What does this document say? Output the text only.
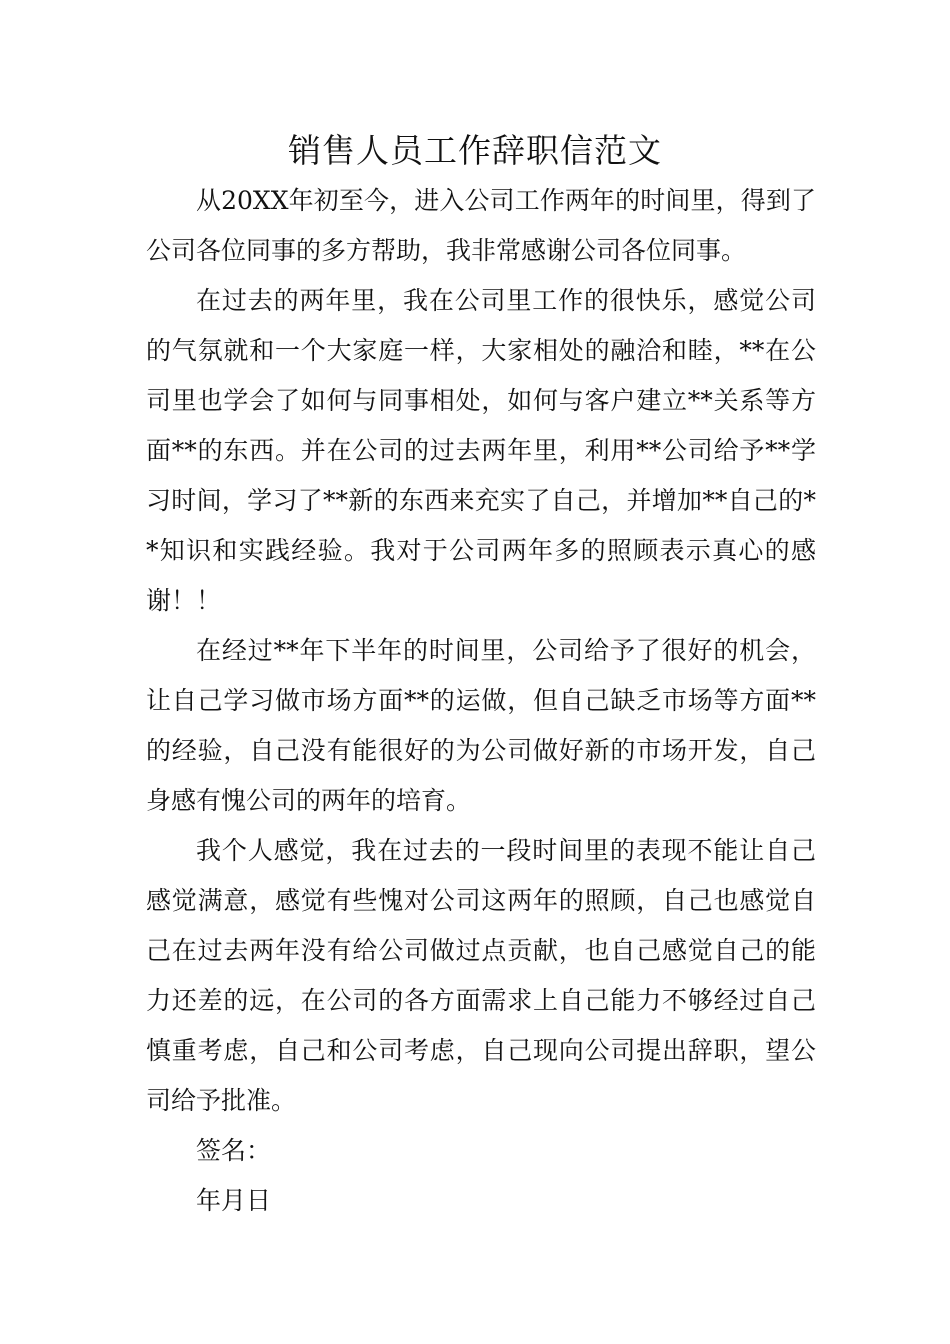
销售人员工作辞职信范文

从20XX年初至今，进入公司工作两年的时间里，得到了公司各位同事的多方帮助，我非常感谢公司各位同事。

在过去的两年里，我在公司里工作的很快乐，感觉公司的气氛就和一个大家庭一样，大家相处的融洽和睦，**在公司里也学会了如何与同事相处，如何与客户建立**关系等方面**的东西。并在公司的过去两年里，利用**公司给予**学习时间，学习了**新的东西来充实了自己，并增加**自己的**知识和实践经验。我对于公司两年多的照顾表示真心的感谢！！

在经过**年下半年的时间里，公司给予了很好的机会，让自己学习做市场方面**的运做，但自己缺乏市场等方面**的经验，自己没有能很好的为公司做好新的市场开发，自己身感有愧公司的两年的培育。

我个人感觉，我在过去的一段时间里的表现不能让自己感觉满意，感觉有些愧对公司这两年的照顾，自己也感觉自己在过去两年没有给公司做过点贡献，也自己感觉自己的能力还差的远，在公司的各方面需求上自己能力不够经过自己慎重考虑，自己和公司考虑，自己现向公司提出辞职，望公司给予批准。

签名：

年月日
